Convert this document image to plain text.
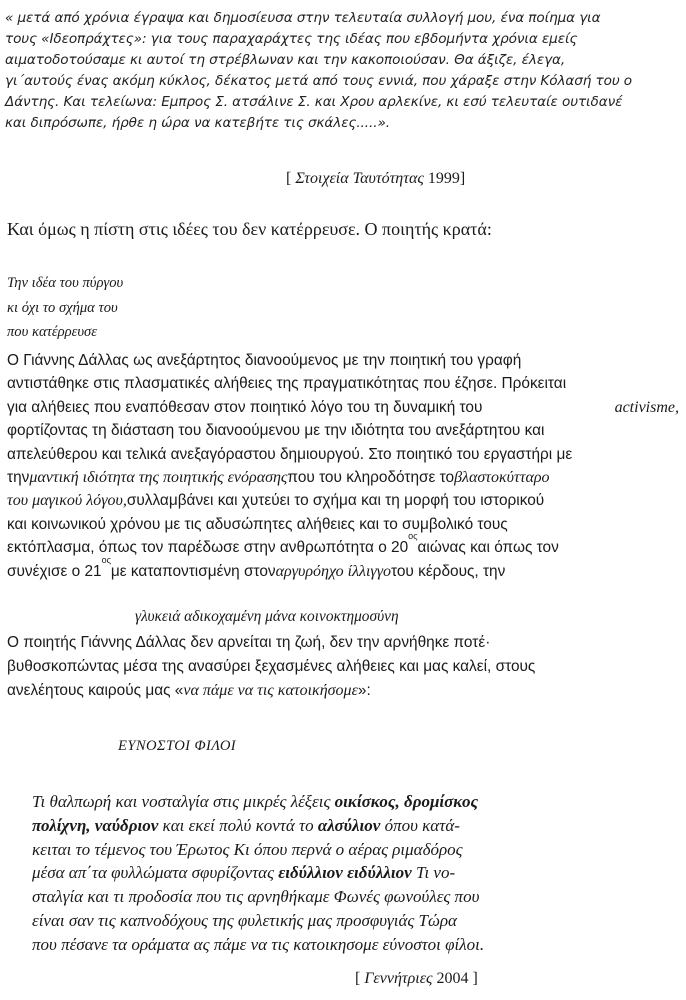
« μετά από χρόνια έγραψα και δημοσίευσα στην τελευταία συλλογή μου, ένα ποίημα για
τους «Ιδεοπράχτες»: για τους παραχαράχτες της ιδέας που εβδομήντα χρόνια εμείς
αιματοδοτούσαμε κι αυτοί τη στρέβλωναν και την κακοποιούσαν. Θα άξιζε, έλεγα,
γι΄αυτούς ένας ακόμη κύκλος, δέκατος μετά από τους εννιά, που χάραξε στην Κόλασή του ο
Δάντης. Και τελείωνα: Εμπρος Σ. ατσάλινε Σ. και Χρου αρλεκίνε, κι εσύ τελευταίε ουτιδανέ
και διπρόσωπε, ήρθε η ώρα να κατεβήτε τις σκάλες.....».
[ Στοιχεία Ταυτότητας 1999]
Και όμως η πίστη στις ιδέες του δεν κατέρρευσε. Ο ποιητής κρατά:
Την ιδέα του πύργου
κι όχι το σχήμα του
που κατέρρευσε
Ο Γιάννης Δάλλας ως ανεξάρτητος διανοούμενος με την ποιητική του γραφή
αντιστάθηκε στις πλασματικές αλήθειες της πραγματικότητας που έζησε. Πρόκειται
για αλήθειες που εναπόθεσαν στον ποιητικό λόγο του τη δυναμική του	activisme,
φορτίζοντας τη διάσταση του διανοούμενου με την ιδιότητα του ανεξάρτητου και
απελεύθερου και τελικά ανεξαγόραστου δημιουργού. Στο ποιητικό του εργαστήρι με
την μαντική ιδιότητα της ποιητικής ενόρασης που του κληροδότησε το βλαστοκύτταρο
του μαγικού λόγου, συλλαμβάνει και χυτεύει το σχήμα και τη μορφή του ιστορικού
και κοινωνικού χρόνου με τις αδυσώπητες αλήθειες και το συμβολικό τους
εκτόπλασμα, όπως τον παρέδωσε στην ανθρωπότητα ο 20
ος
αιώνας και όπως τον
συνέχισε ο 21
ος
με καταποντισμένη στον αργυρόηχο ίλλιγγο του κέρδους, την
γλυκειά αδικοχαμένη μάνα κοινοκτημοσύνη
Ο ποιητής Γιάννης Δάλλας δεν αρνείται τη ζωή, δεν την αρνήθηκε ποτέ·
βυθοσκοπώντας μέσα της ανασύρει ξεχασμένες αλήθειες και μας καλεί, στους
ανελέητους καιρούς μας « να πάμε να τις κατοικήσομε »:
ΕΥΝΟΣΤΟΙ ΦΙΛΟΙ
Τι θαλπωρή και νοσταλγία στις μικρές λέξεις οικίσκος, δρομίσκος
πολίχνη, ναύδριον και εκεί πολύ κοντά το αλσύλιον όπου κατά-
κειται το τέμενος του Έρωτος Κι όπου περνά ο αέρας ριμαδόρος
μέσα απ΄τα φυλλώματα σφυρίζοντας ειδύλλιον ειδύλλιον Τι νο-
σταλγία και τι προδοσία που τις αρνηθήκαμε Φωνές φωνούλες που
είναι σαν τις καπνοδόχους της φυλετικής μας προσφυγιάς Τώρα
που πέσανε τα οράματα ας πάμε να τις κατοικησομε εύνοστοι φίλοι.
[ Γεννήτριες 2004 ]
